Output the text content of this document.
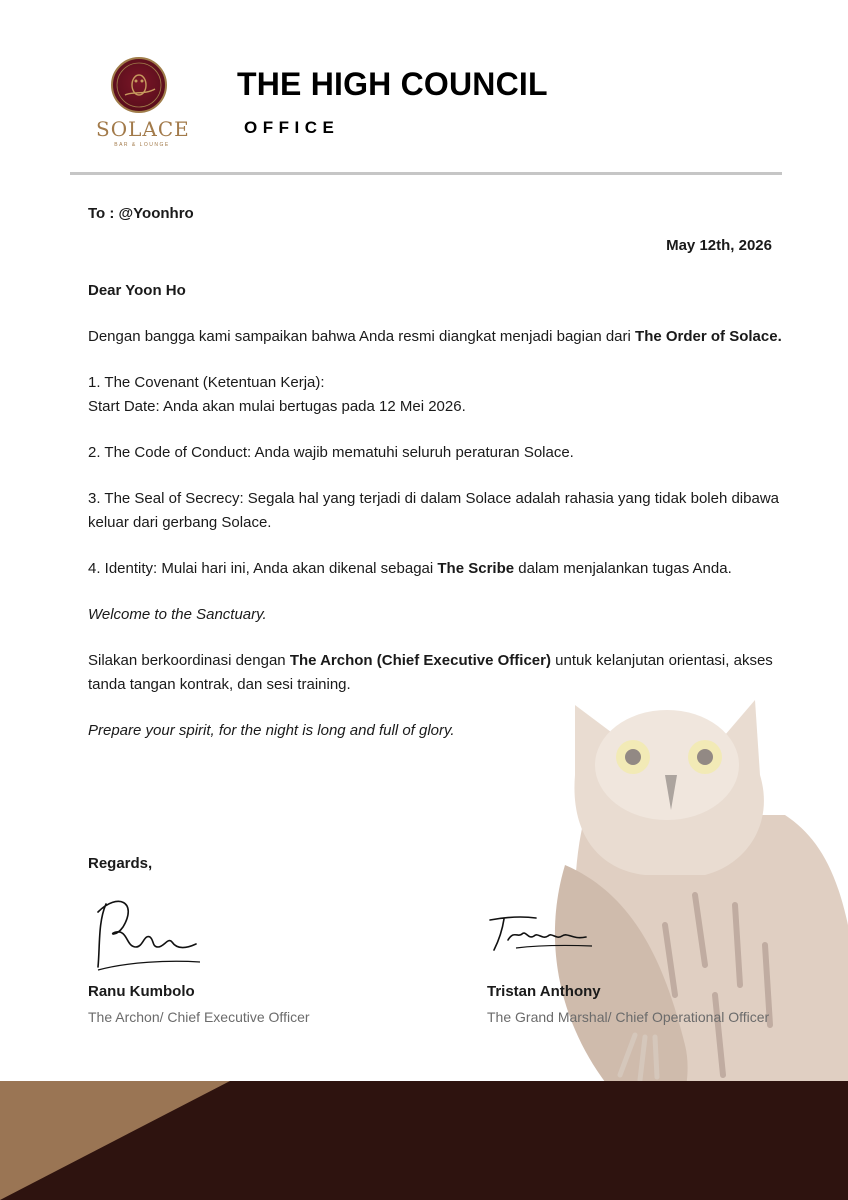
SOLACE
BAR & LOUNGE
THE HIGH COUNCIL
OFFICE
To : @Yoonhro
May 12th, 2026

Dear Yoon Ho

Dengan bangga kami sampaikan bahwa Anda resmi diangkat menjadi bagian dari The Order of Solace.

1. The Covenant (Ketentuan Kerja):

Start Date: Anda akan mulai bertugas pada 12 Mei 2026.

2. The Code of Conduct: Anda wajib mematuhi seluruh peraturan Solace.

3. The Seal of Secrecy: Segala hal yang terjadi di dalam Solace adalah rahasia yang tidak boleh dibawa keluar dari gerbang Solace.

4. Identity: Mulai hari ini, Anda akan dikenal sebagai The Scribe dalam menjalankan tugas Anda.

Welcome to the Sanctuary.

Silakan berkoordinasi dengan The Archon (Chief Executive Officer) untuk kelanjutan orientasi, akses tanda tangan kontrak, dan sesi training.

Prepare your spirit, for the night is long and full of glory.

Regards,
Ranu Kumbolo
The Archon/ Chief Executive Officer
Tristan Anthony
The Grand Marshal/ Chief Operational Officer
